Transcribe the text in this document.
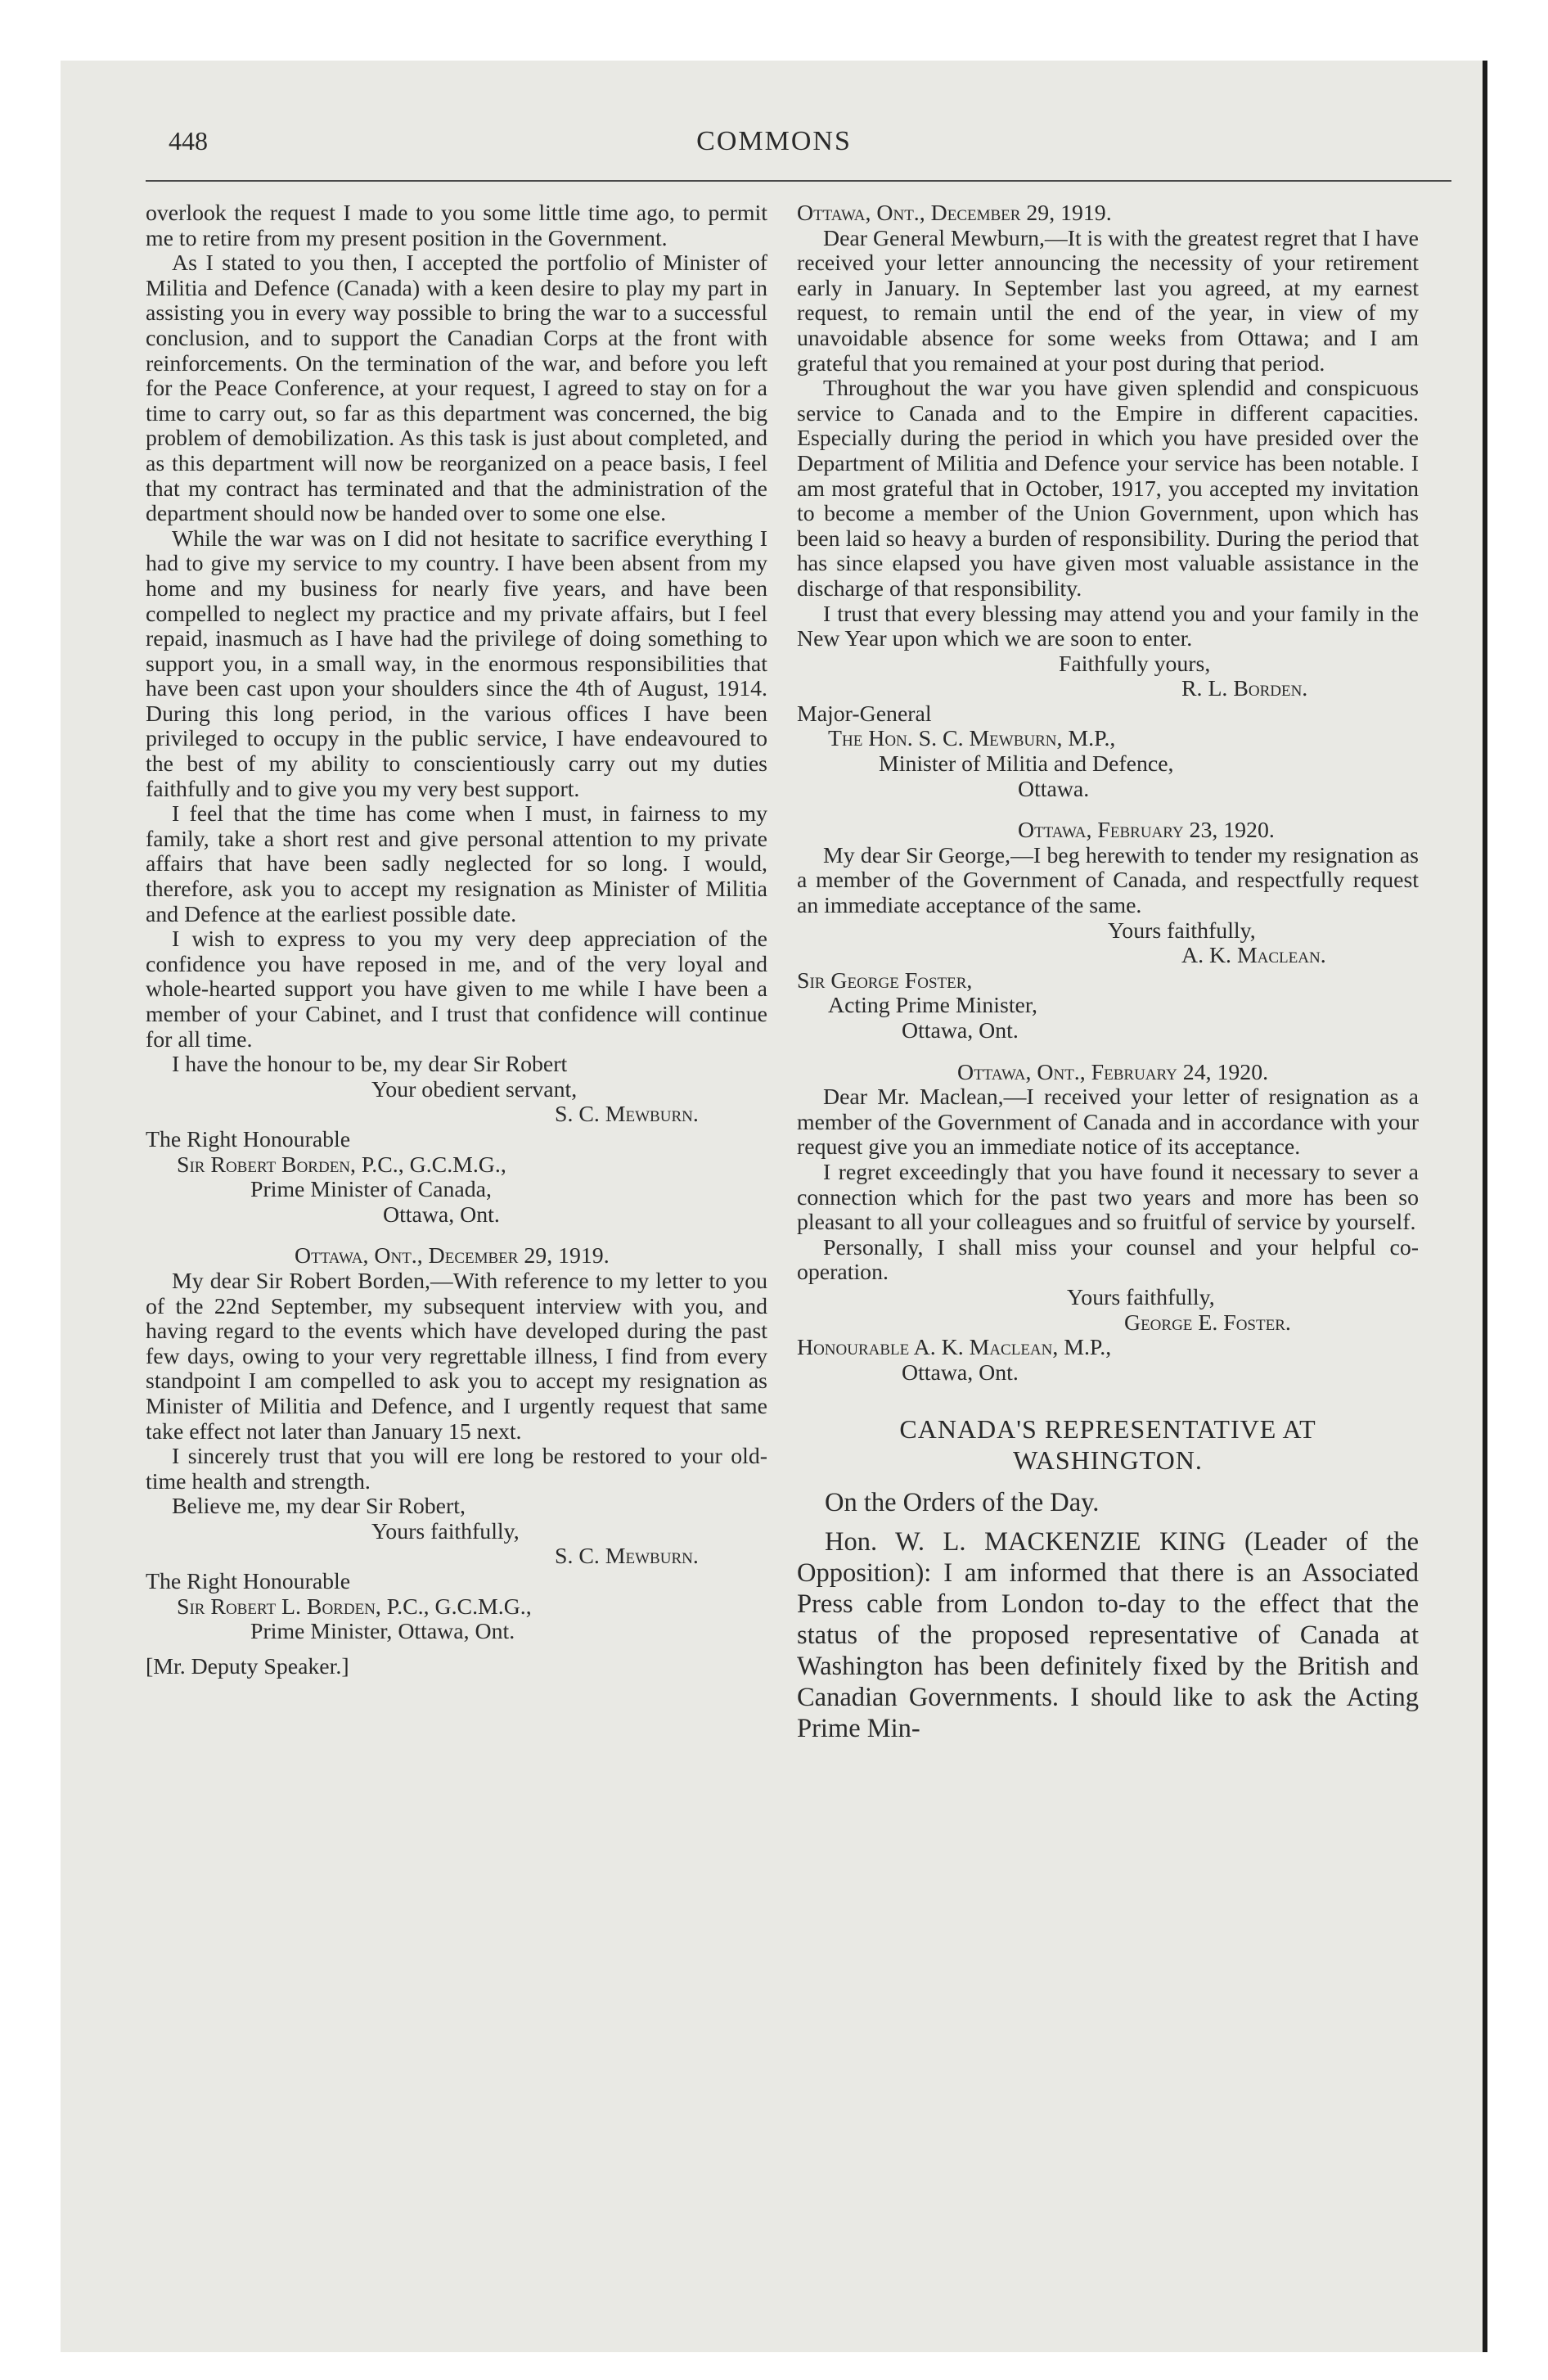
448	COMMONS

overlook the request I made to you some little time ago, to permit me to retire from my present position in the Government.

As I stated to you then, I accepted the portfolio of Minister of Militia and Defence (Canada) with a keen desire to play my part in assisting you in every way possible to bring the war to a successful conclusion, and to support the Canadian Corps at the front with reinforcements. On the termination of the war, and before you left for the Peace Conference, at your request, I agreed to stay on for a time to carry out, so far as this department was concerned, the big problem of demobilization. As this task is just about completed, and as this department will now be reorganized on a peace basis, I feel that my contract has terminated and that the administration of the department should now be handed over to some one else.

While the war was on I did not hesitate to sacrifice everything I had to give my service to my country. I have been absent from my home and my business for nearly five years, and have been compelled to neglect my practice and my private affairs, but I feel repaid, inasmuch as I have had the privilege of doing something to support you, in a small way, in the enormous responsibilities that have been cast upon your shoulders since the 4th of August, 1914. During this long period, in the various offices I have been privileged to occupy in the public service, I have endeavoured to the best of my ability to conscientiously carry out my duties faithfully and to give you my very best support.

I feel that the time has come when I must, in fairness to my family, take a short rest and give personal attention to my private affairs that have been sadly neglected for so long. I would, therefore, ask you to accept my resignation as Minister of Militia and Defence at the earliest possible date.

I wish to express to you my very deep appreciation of the confidence you have reposed in me, and of the very loyal and whole-hearted support you have given to me while I have been a member of your Cabinet, and I trust that confidence will continue for all time.

I have the honour to be, my dear Sir Robert

Your obedient servant,

S. C. Mewburn.

The Right Honourable

Sir Robert Borden, P.C., G.C.M.G.,

Prime Minister of Canada,

Ottawa, Ont.

Ottawa, Ont., December 29, 1919.

My dear Sir Robert Borden,—With reference to my letter to you of the 22nd September, my subsequent interview with you, and having regard to the events which have developed during the past few days, owing to your very regrettable illness, I find from every standpoint I am compelled to ask you to accept my resignation as Minister of Militia and Defence, and I urgently request that same take effect not later than January 15 next.

I sincerely trust that you will ere long be restored to your old-time health and strength.

Believe me, my dear Sir Robert,

Yours faithfully,

S. C. Mewburn.

The Right Honourable

Sir Robert L. Borden, P.C., G.C.M.G.,

Prime Minister, Ottawa, Ont.

[Mr. Deputy Speaker.]

Ottawa, Ont., December 29, 1919.

Dear General Mewburn,—It is with the greatest regret that I have received your letter announcing the necessity of your retirement early in January. In September last you agreed, at my earnest request, to remain until the end of the year, in view of my unavoidable absence for some weeks from Ottawa; and I am grateful that you remained at your post during that period.

Throughout the war you have given splendid and conspicuous service to Canada and to the Empire in different capacities. Especially during the period in which you have presided over the Department of Militia and Defence your service has been notable. I am most grateful that in October, 1917, you accepted my invitation to become a member of the Union Government, upon which has been laid so heavy a burden of responsibility. During the period that has since elapsed you have given most valuable assistance in the discharge of that responsibility.

I trust that every blessing may attend you and your family in the New Year upon which we are soon to enter.

Faithfully yours,

R. L. Borden.

Major-General

The Hon. S. C. Mewburn, M.P.,

Minister of Militia and Defence,

Ottawa.

Ottawa, February 23, 1920.

My dear Sir George,—I beg herewith to tender my resignation as a member of the Government of Canada, and respectfully request an immediate acceptance of the same.

Yours faithfully,

A. K. Maclean.

Sir George Foster,

Acting Prime Minister,

Ottawa, Ont.

Ottawa, Ont., February 24, 1920.

Dear Mr. Maclean,—I received your letter of resignation as a member of the Government of Canada and in accordance with your request give you an immediate notice of its acceptance.

I regret exceedingly that you have found it necessary to sever a connection which for the past two years and more has been so pleasant to all your colleagues and so fruitful of service by yourself.

Personally, I shall miss your counsel and your helpful co-operation.

Yours faithfully,

George E. Foster.

Honourable A. K. Maclean, M.P.,

Ottawa, Ont.

CANADA'S REPRESENTATIVE AT
WASHINGTON.

On the Orders of the Day.

Hon. W. L. MACKENZIE KING (Leader of the Opposition): I am informed that there is an Associated Press cable from London to-day to the effect that the status of the proposed representative of Canada at Washington has been definitely fixed by the British and Canadian Governments. I should like to ask the Acting Prime Min-
